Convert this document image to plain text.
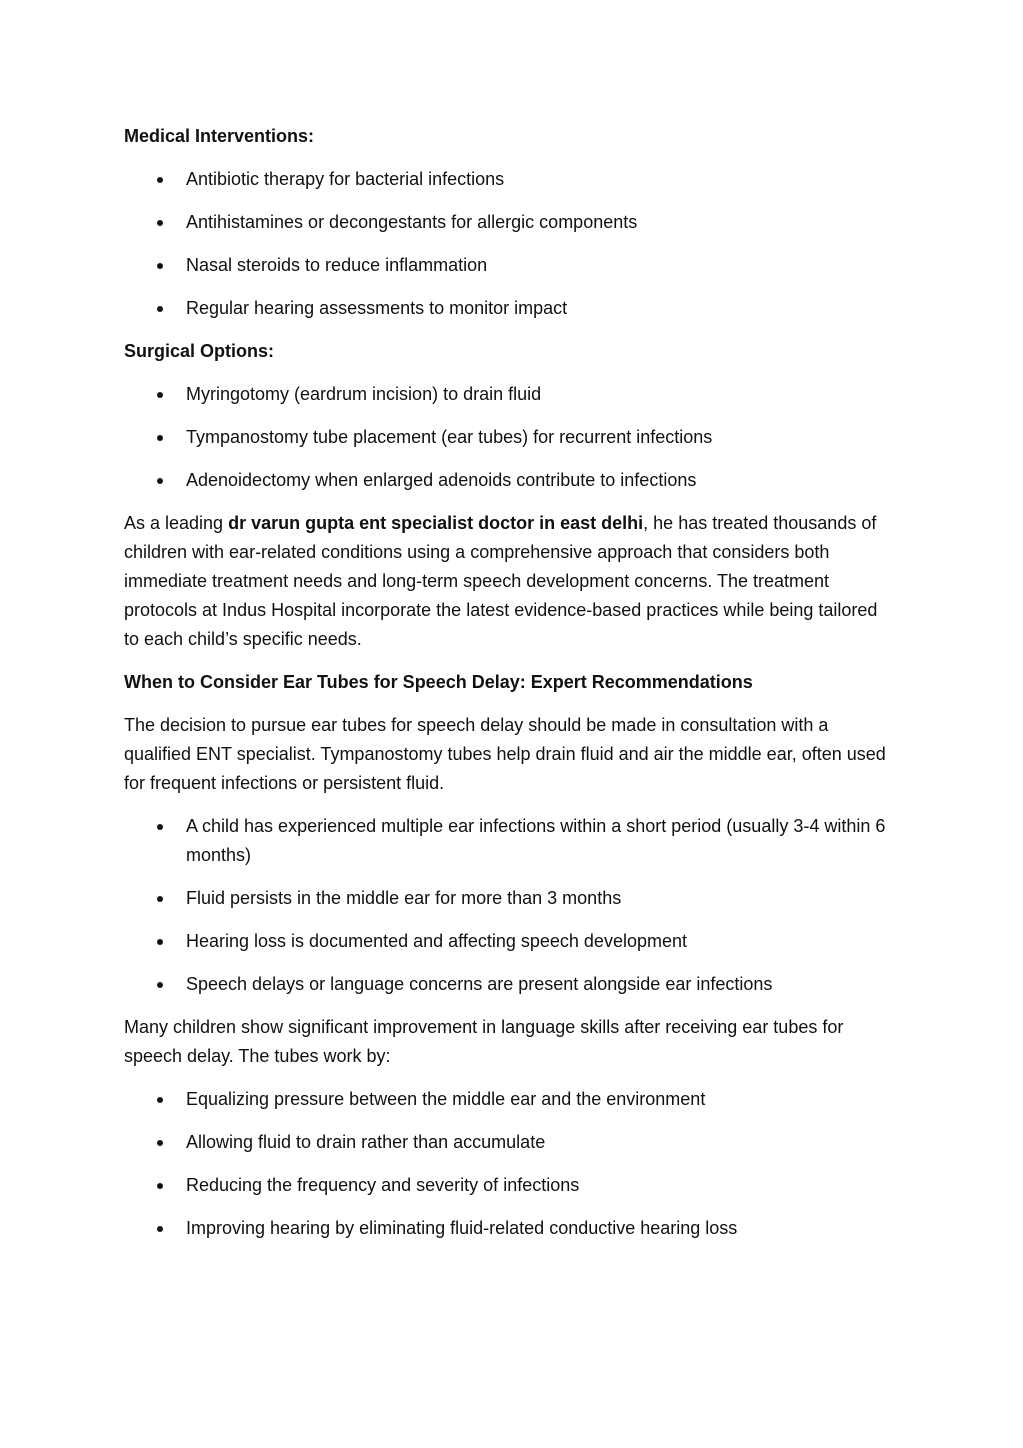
Medical Interventions:

Antibiotic therapy for bacterial infections
Antihistamines or decongestants for allergic components
Nasal steroids to reduce inflammation
Regular hearing assessments to monitor impact

Surgical Options:

Myringotomy (eardrum incision) to drain fluid
Tympanostomy tube placement (ear tubes) for recurrent infections
Adenoidectomy when enlarged adenoids contribute to infections

As a leading dr varun gupta ent specialist doctor in east delhi, he has treated thousands of children with ear-related conditions using a comprehensive approach that considers both immediate treatment needs and long-term speech development concerns. The treatment protocols at Indus Hospital incorporate the latest evidence-based practices while being tailored to each child’s specific needs.

When to Consider Ear Tubes for Speech Delay: Expert Recommendations

The decision to pursue ear tubes for speech delay should be made in consultation with a qualified ENT specialist. Tympanostomy tubes help drain fluid and air the middle ear, often used for frequent infections or persistent fluid.

A child has experienced multiple ear infections within a short period (usually 3-4 within 6 months)
Fluid persists in the middle ear for more than 3 months
Hearing loss is documented and affecting speech development
Speech delays or language concerns are present alongside ear infections

Many children show significant improvement in language skills after receiving ear tubes for speech delay. The tubes work by:

Equalizing pressure between the middle ear and the environment
Allowing fluid to drain rather than accumulate
Reducing the frequency and severity of infections
Improving hearing by eliminating fluid-related conductive hearing loss
